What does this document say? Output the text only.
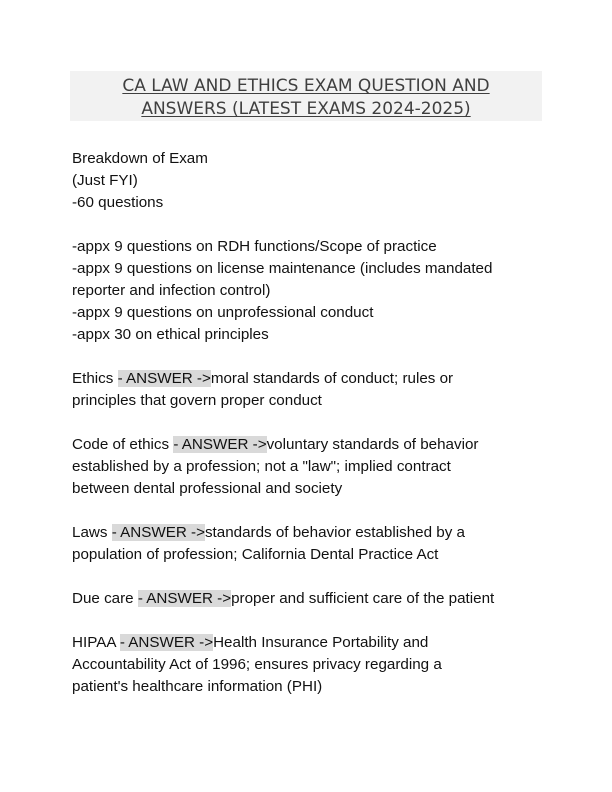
CA LAW AND ETHICS EXAM QUESTION AND
ANSWERS (LATEST EXAMS 2024-2025)

Breakdown of Exam
(Just FYI)
-60 questions

-appx 9 questions on RDH functions/Scope of practice
-appx 9 questions on license maintenance (includes mandated
reporter and infection control)
-appx 9 questions on unprofessional conduct
-appx 30 on ethical principles

Ethics - ANSWER ->moral standards of conduct; rules or
principles that govern proper conduct

Code of ethics - ANSWER ->voluntary standards of behavior
established by a profession; not a "law"; implied contract
between dental professional and society

Laws - ANSWER ->standards of behavior established by a
population of profession; California Dental Practice Act

Due care - ANSWER ->proper and sufficient care of the patient

HIPAA - ANSWER ->Health Insurance Portability and
Accountability Act of 1996; ensures privacy regarding a
patient's healthcare information (PHI)
